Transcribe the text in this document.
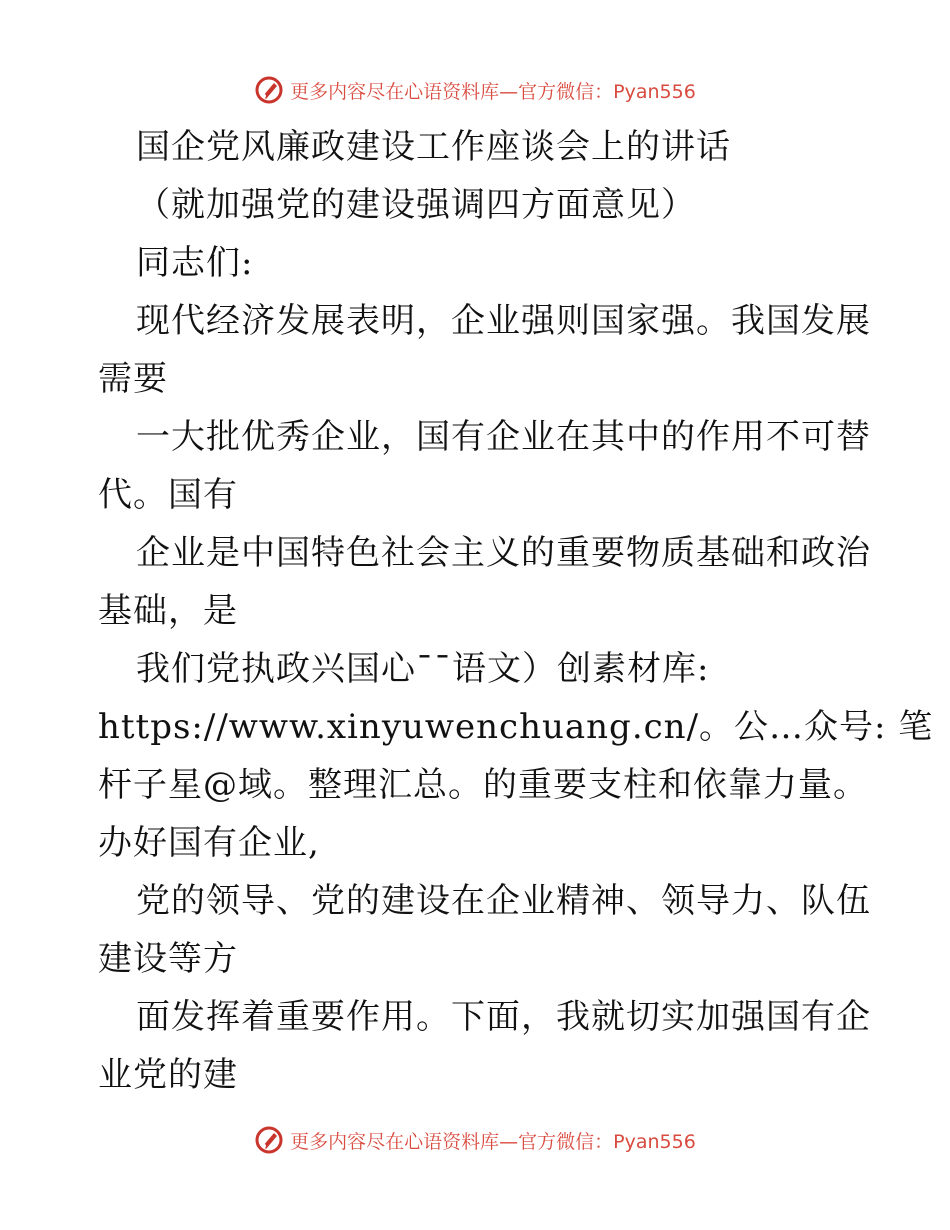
更多内容尽在心语资料库—官方微信：Pyan556
国企党风廉政建设工作座谈会上的讲话
（就加强党的建设强调四方面意见）
同志们:
现代经济发展表明，企业强则国家强。我国发展
需要
一大批优秀企业，国有企业在其中的作用不可替
代。国有
企业是中国特色社会主义的重要物质基础和政治
基础，是
我们党执政兴国心¯¯语文）创素材库:
https://www.xinyuwenchuang.cn/。公…众号: 笔
杆子星@域。整理汇总。的重要支柱和依靠力量。
办好国有企业,
党的领导、党的建设在企业精神、领导力、队伍
建设等方
面发挥着重要作用。下面，我就切实加强国有企
业党的建
更多内容尽在心语资料库—官方微信：Pyan556
